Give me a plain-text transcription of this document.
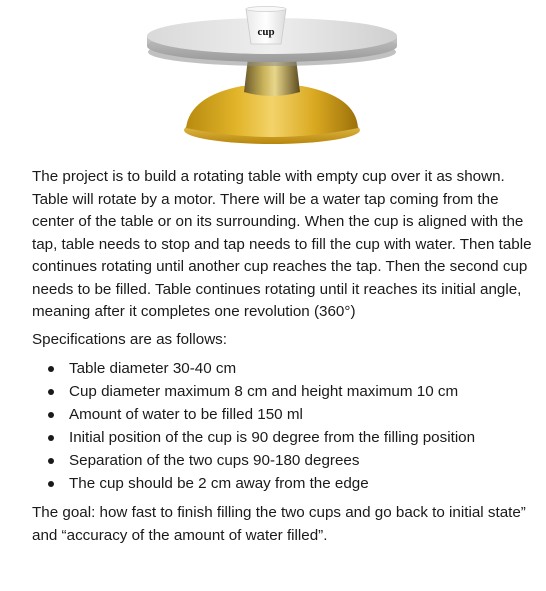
cup

The project is to build a rotating table with empty cup over it as shown. Table will rotate by a motor. There will be a water tap coming from the center of the table or on its surrounding. When the cup is aligned with the tap, table needs to stop and tap needs to fill the cup with water. Then table continues rotating until another cup reaches the tap. Then the second cup needs to be filled. Table continues rotating until it reaches its initial angle, meaning after it completes one revolution (360°)

Specifications are as follows:

Table diameter 30-40 cm
Cup diameter maximum 8 cm and height maximum 10 cm
Amount of water to be filled 150 ml
Initial position of the cup is 90 degree from the filling position
Separation of the two cups 90-180 degrees
The cup should be 2 cm away from the edge

The goal: how fast to finish filling the two cups and go back to initial state” and “accuracy of the amount of water filled”.
